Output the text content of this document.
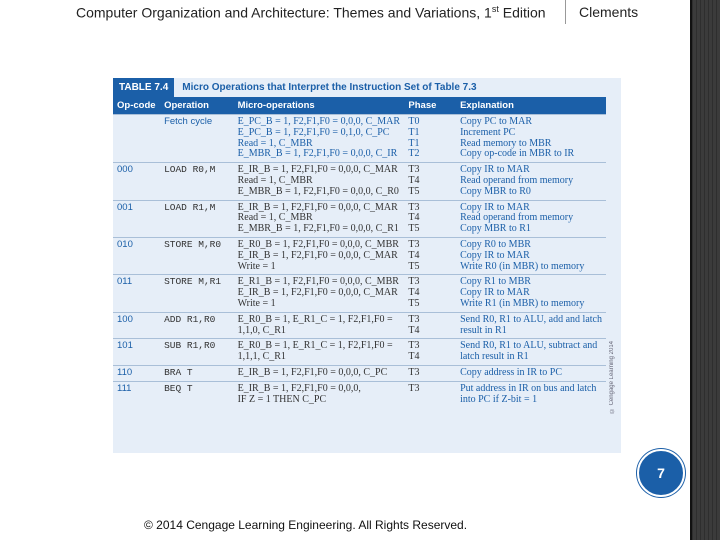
Computer Organization and Architecture: Themes and Variations, 1st Edition Clements
TABLE 7.4	Micro Operations that Interpret the Instruction Set of Table 7.3
Op-code	Operation	Micro-operations	Phase	Explanation
	Fetch cycle	E_PC_B = 1, F2,F1,F0 = 0,0,0, C_MAR
E_PC_B = 1, F2,F1,F0 = 0,1,0, C_PC
Read = 1, C_MBR
E_MBR_B = 1, F2,F1,F0 = 0,0,0, C_IR	T0
T1
T1
T2	Copy PC to MAR
Increment PC
Read memory to MBR
Copy op-code in MBR to IR

000	LOAD R0,M	E_IR_B = 1, F2,F1,F0 = 0,0,0, C_MAR
Read = 1, C_MBR
E_MBR_B = 1, F2,F1,F0 = 0,0,0, C_R0	T3
T4
T5	Copy IR to MAR
Read operand from memory
Copy MBR to R0

001	LOAD R1,M	E_IR_B = 1, F2,F1,F0 = 0,0,0, C_MAR
Read = 1, C_MBR
E_MBR_B = 1, F2,F1,F0 = 0,0,0, C_R1	T3
T4
T5	Copy IR to MAR
Read operand from memory
Copy MBR to R1

010	STORE M,R0	E_R0_B = 1, F2,F1,F0 = 0,0,0, C_MBR
E_IR_B = 1, F2,F1,F0 = 0,0,0, C_MAR
Write = 1	T3
T4
T5	Copy R0 to MBR
Copy IR to MAR
Write R0 (in MBR) to memory

011	STORE M,R1	E_R1_B = 1, F2,F1,F0 = 0,0,0, C_MBR
E_IR_B = 1, F2,F1,F0 = 0,0,0, C_MAR
Write = 1	T3
T4
T5	Copy R1 to MBR
Copy IR to MAR
Write R1 (in MBR) to memory

100	ADD R1,R0	E_R0_B = 1, E_R1_C = 1, F2,F1,F0 =
1,1,0, C_R1	T3
T4	Send R0, R1 to ALU, add and latch
result in R1

101	SUB R1,R0	E_R0_B = 1, E_R1_C = 1, F2,F1,F0 =
1,1,1, C_R1	T3
T4	Send R0, R1 to ALU, subtract and
latch result in R1

110	BRA T	E_IR_B = 1, F2,F1,F0 = 0,0,0, C_PC	T3	Copy address in IR to PC

111	BEQ T	E_IR_B = 1, F2,F1,F0 = 0,0,0,
IF Z = 1 THEN C_PC	T3	Put address in IR on bus and latch
into PC if Z-bit = 1	© Cengage Learning 2014
7
© 2014 Cengage Learning Engineering. All Rights Reserved.
